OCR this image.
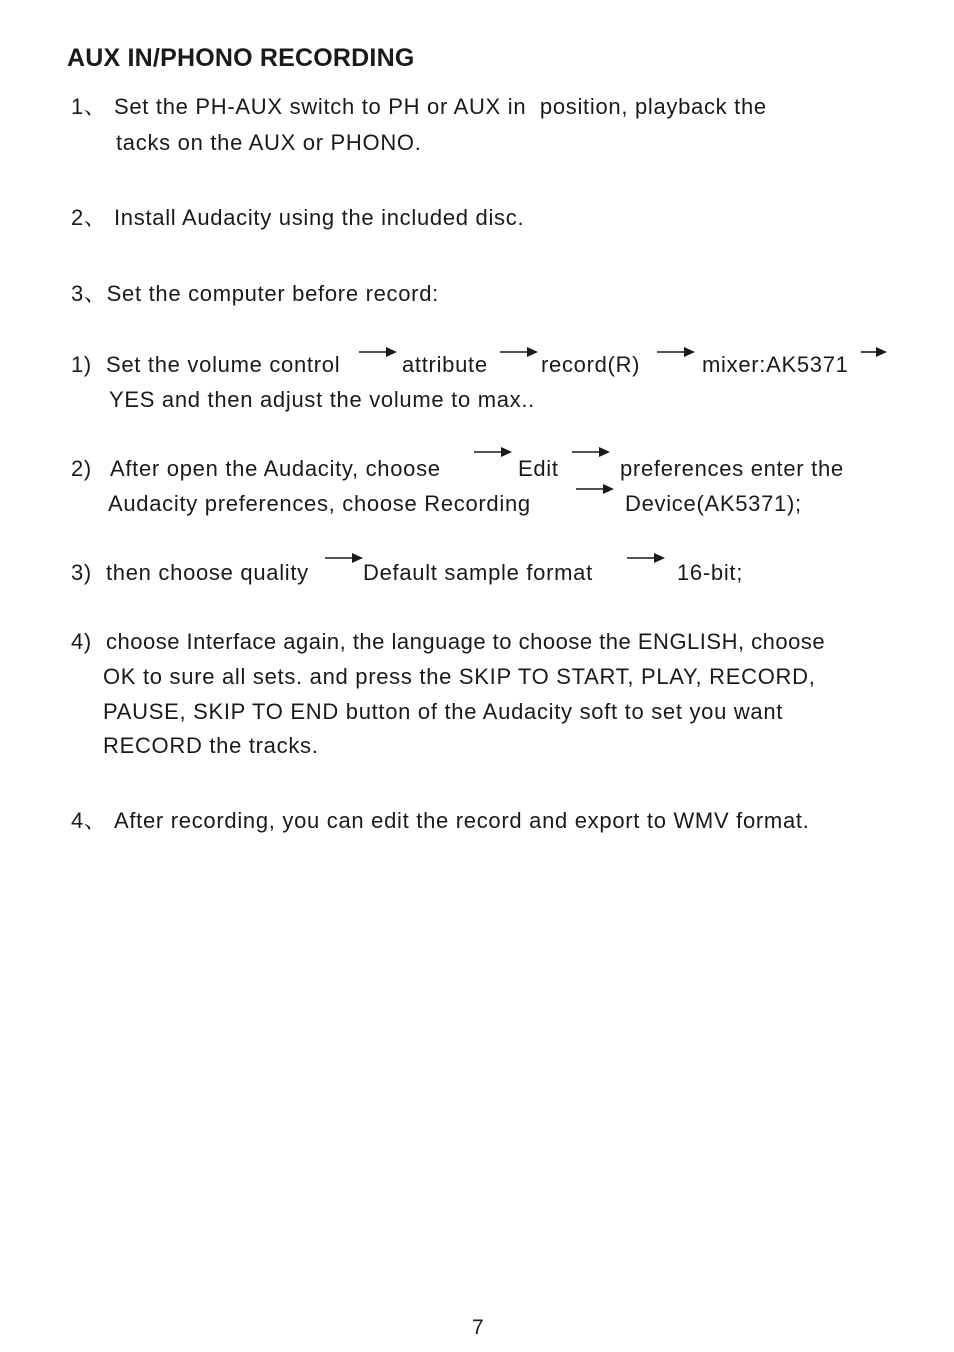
AUX IN/PHONO RECORDING
1、 Set the PH-AUX switch to PH or AUX in  position, playback the
tacks on the AUX or PHONO.
2、 Install Audacity using the included disc.
3、Set the computer before record:
1) Set the volume control	attribute record(R)	mixer:AK5371
YES and then adjust the volume to max..
2) After open the Audacity, choose	Edit	preferences enter the
Audacity preferences, choose Recording	Device(AK5371);
3) then choose quality Default sample format	16-bit;
4) choose Interface again, the language to choose the ENGLISH, choose
OK to sure all sets. and press the SKIP TO START, PLAY, RECORD,
PAUSE, SKIP TO END button of the Audacity soft to set you want
RECORD the tracks.
4、 After recording, you can edit the record and export to WMV format.
7
